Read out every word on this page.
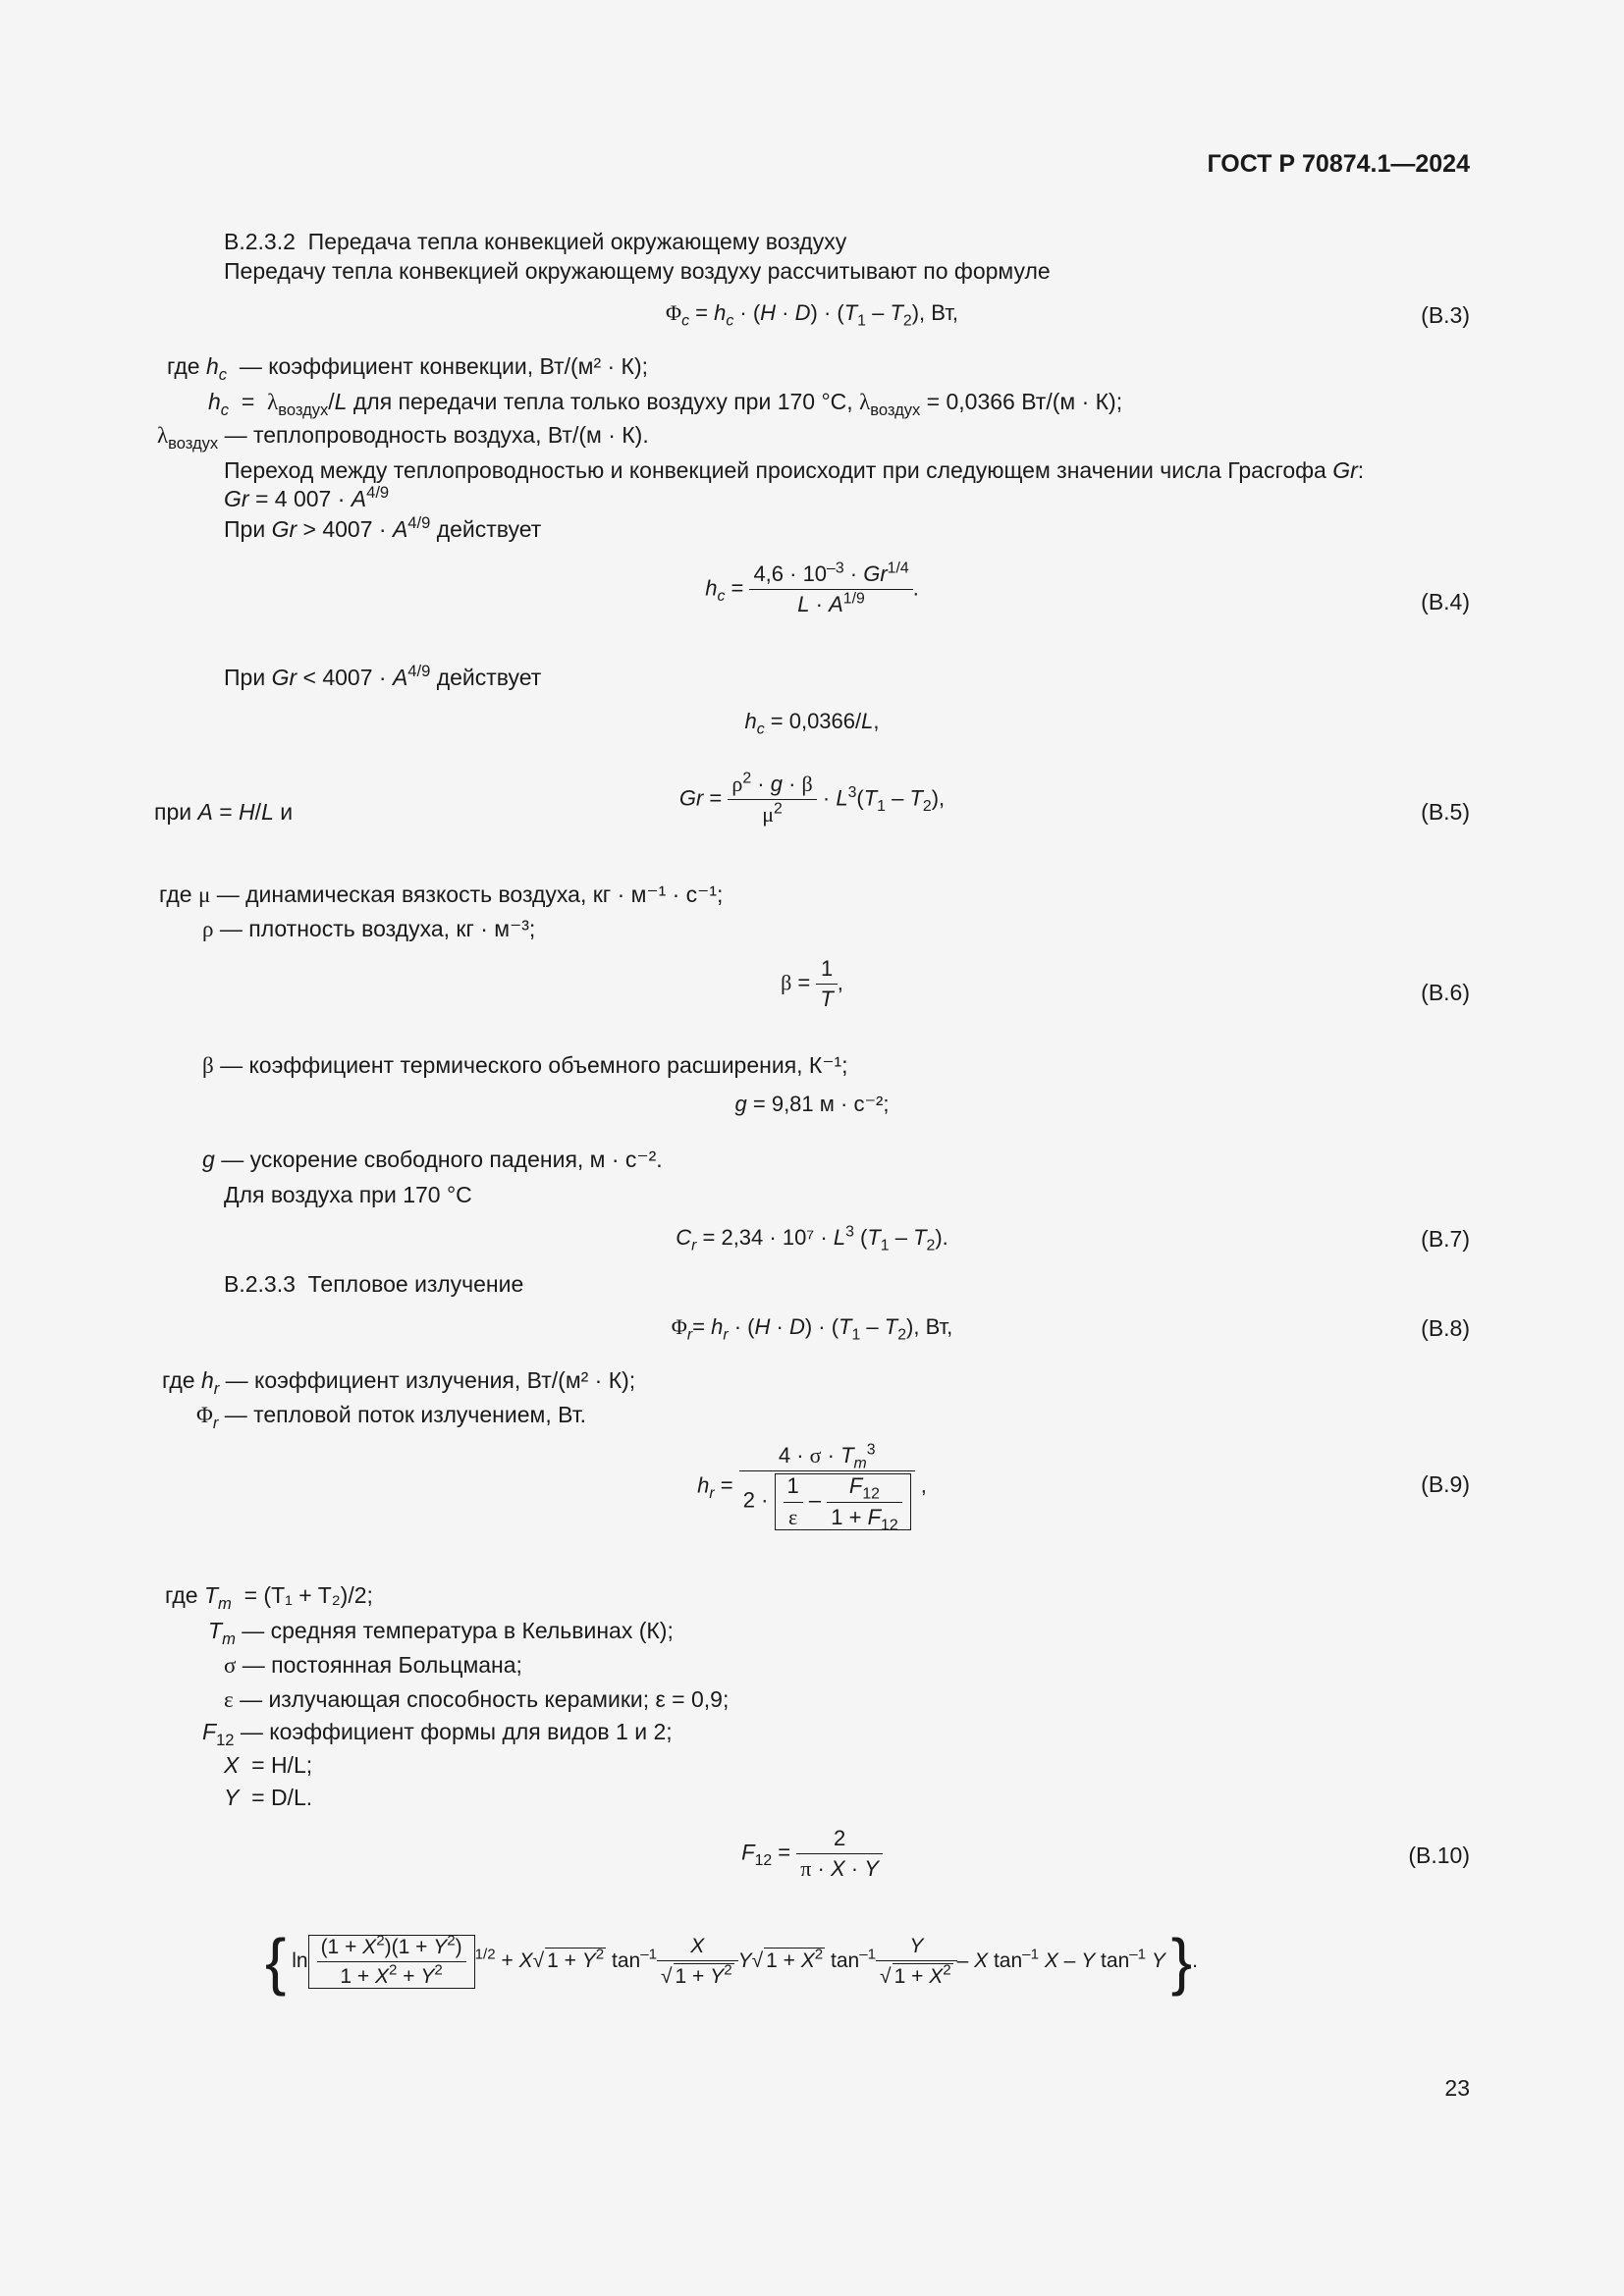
ГОСТ Р 70874.1—2024
В.2.3.2 Передача тепла конвекцией окружающему воздуху
Передачу тепла конвекцией окружающему воздуху рассчитывают по формуле
$\Phi_c = h_c \cdot (H \cdot D) \cdot (T_1 - T_2)$, Вт,	(В.3)
где $h_c$ — коэффициент конвекции, Вт/(м² · К);
$h_c = \lambda_{воздух}/L$ для передачи тепла только воздуху при 170 °С, $\lambda_{воздух} = 0,0366$ Вт/(м · К);
$\lambda_{воздух}$ — теплопроводность воздуха, Вт/(м · К).
Переход между теплопроводностью и конвекцией происходит при следующем значении числа Грасгофа Gr:
Gr = 4 $007 \cdot A^{4/9}$
При $Gr > 4007 \cdot A^{4/9}$ действует
$h_c = \frac{4,6 \cdot 10^{-3} \cdot Gr^{1/4}}{L \cdot A^{1/9}}$ .
(В.4)
При $Gr < 4007 \cdot A^{4/9}$ действует
$h_c = 0,0366/L$,
при A = H/L и
$Gr = \frac{\rho^2 \cdot g \cdot \beta}{\mu^2} \cdot L^3(T_1 - T_2)$,
(В.5)
где μ — динамическая вязкость воздуха, кг · м⁻¹ · с⁻¹;
ρ — плотность воздуха, кг · м⁻³;
$\beta = \frac{1}{T}$ ,	(В.6)
β — коэффициент термического объемного расширения, К⁻¹;
g = 9,81 м · с⁻²;
g — ускорение свободного падения, м · с⁻².
Для воздуха при 170 °С
$C_r = 2,34 \cdot 10^7 \cdot L^3$ $(T_1 - T_2)$.	(В.7)
В.2.3.3 Тепловое излучение
$\Phi_r= h_r \cdot (H \cdot D) \cdot (T_1 - T_2)$, Вт,	(В.8)
где $h_r$ — коэффициент излучения, Вт/(м² · К);
$\Phi_r$ — тепловой поток излучением, Вт.
$h_r = \frac{4 \cdot \sigma \cdot T_m^3}{2 \cdot \frac{1}{\varepsilon} - \frac{F_{12}}{1 + F_{12}}}$ ,	(В.9)
где $T_m = (T_1 + T_2)/2$;
$T_m$ — средняя температура в Кельвинах (К);
σ — постоянная Больцмана;
ε — излучающая способность керамики; ε = 0,9;
$F_{12}$ — коэффициент формы для видов 1 и 2;
X = H/L;
Y = D/L.
$F_{12} = \frac{2}{\pi \cdot X \cdot Y}$	(В.10)
{ $\ln \frac{(1 + X^2)(1 + Y^2)}{1 + X^2 + Y^2} ^{1/2} + X√$ $1 + Y^2$ $\tan^{-1} \frac{X}{√ 1 + Y^2} Y√$ $1 + X^2$ $\tan^{-1} \frac{Y}{√ 1 + X^2}$ – X $\tan^{-1} X$ – Y $\tan^{-1} Y$ }.
23
